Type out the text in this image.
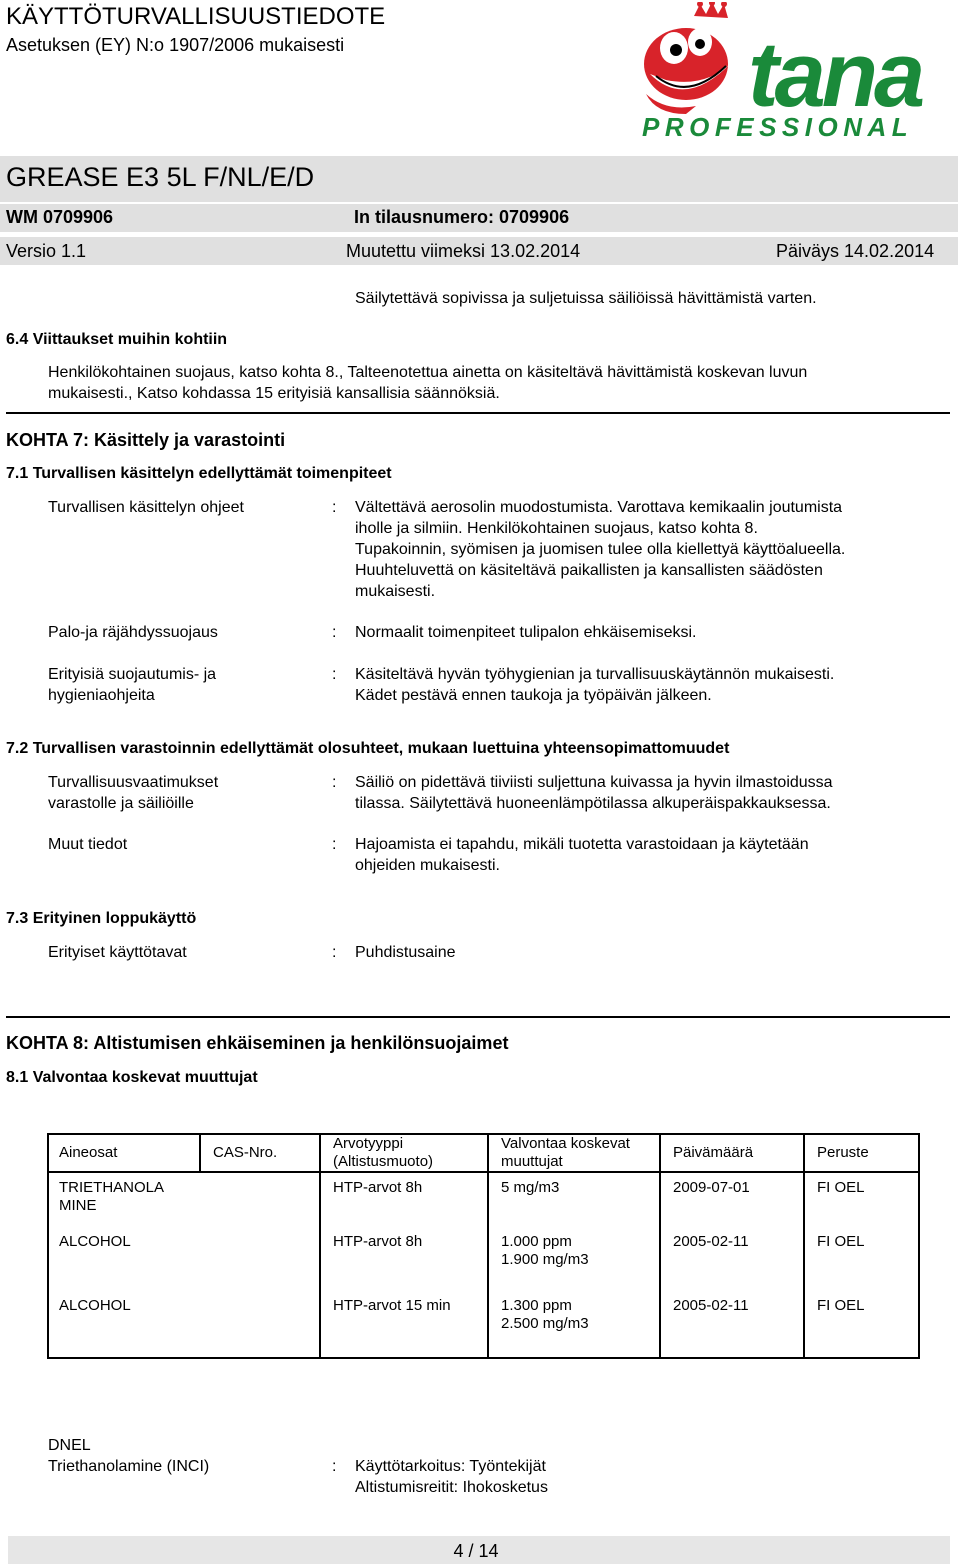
KÄYTTÖTURVALLISUUSTIEDOTE
Asetuksen (EY) N:o 1907/2006 mukaisesti	tana
PROFESSIONAL
GREASE E3 5L F/NL/E/D
WM 0709906	In tilausnumero: 0709906
Versio 1.1	Muutettu viimeksi 13.02.2014	Päiväys 14.02.2014
Säilytettävä sopivissa ja suljetuissa säiliöissä hävittämistä varten.
6.4 Viittaukset muihin kohtiin
Henkilökohtainen suojaus, katso kohta 8., Talteenotettua ainetta on käsiteltävä hävittämistä koskevan luvun
mukaisesti., Katso kohdassa 15 erityisiä kansallisia säännöksiä.
KOHTA 7: Käsittely ja varastointi
7.1 Turvallisen käsittelyn edellyttämät toimenpiteet
Turvallisen käsittelyn ohjeet	: Vältettävä aerosolin muodostumista. Varottava kemikaalin joutumista
iholle ja silmiin. Henkilökohtainen suojaus, katso kohta 8.
Tupakoinnin, syömisen ja juomisen tulee olla kiellettyä käyttöalueella.
Huuhteluvettä on käsiteltävä paikallisten ja kansallisten säädösten
mukaisesti.
Palo-ja räjähdyssuojaus	: Normaalit toimenpiteet tulipalon ehkäisemiseksi.
Erityisiä suojautumis- ja
hygieniaohjeita
: Käsiteltävä hyvän työhygienian ja turvallisuuskäytännön mukaisesti.
Kädet pestävä ennen taukoja ja työpäivän jälkeen.
7.2 Turvallisen varastoinnin edellyttämät olosuhteet, mukaan luettuina yhteensopimattomuudet
Turvallisuusvaatimukset
varastolle ja säiliöille
: Säiliö on pidettävä tiiviisti suljettuna kuivassa ja hyvin ilmastoidussa
tilassa. Säilytettävä huoneenlämpötilassa alkuperäispakkauksessa.
Muut tiedot	: Hajoamista ei tapahdu, mikäli tuotetta varastoidaan ja käytetään
ohjeiden mukaisesti.
7.3 Erityinen loppukäyttö
Erityiset käyttötavat	: Puhdistusaine
KOHTA 8: Altistumisen ehkäiseminen ja henkilönsuojaimet
8.1 Valvontaa koskevat muuttujat
Aineosat	CAS-Nro.	Arvotyyppi
(Altistusmuoto)	Valvontaa koskevat
muuttujat	Päivämäärä	Peruste

TRIETHANOLA
MINE		HTP-arvot 8h	5 mg/m3	2009-07-01	FI OEL
ALCOHOL		HTP-arvot 8h	1.000 ppm
1.900 mg/m3	2005-02-11	FI OEL
ALCOHOL		HTP-arvot 15 min	1.300 ppm
2.500 mg/m3	2005-02-11	FI OEL
DNEL
Triethanolamine (INCI)	: Käyttötarkoitus: Työntekijät
Altistumisreitit: Ihokosketus
4 / 14
